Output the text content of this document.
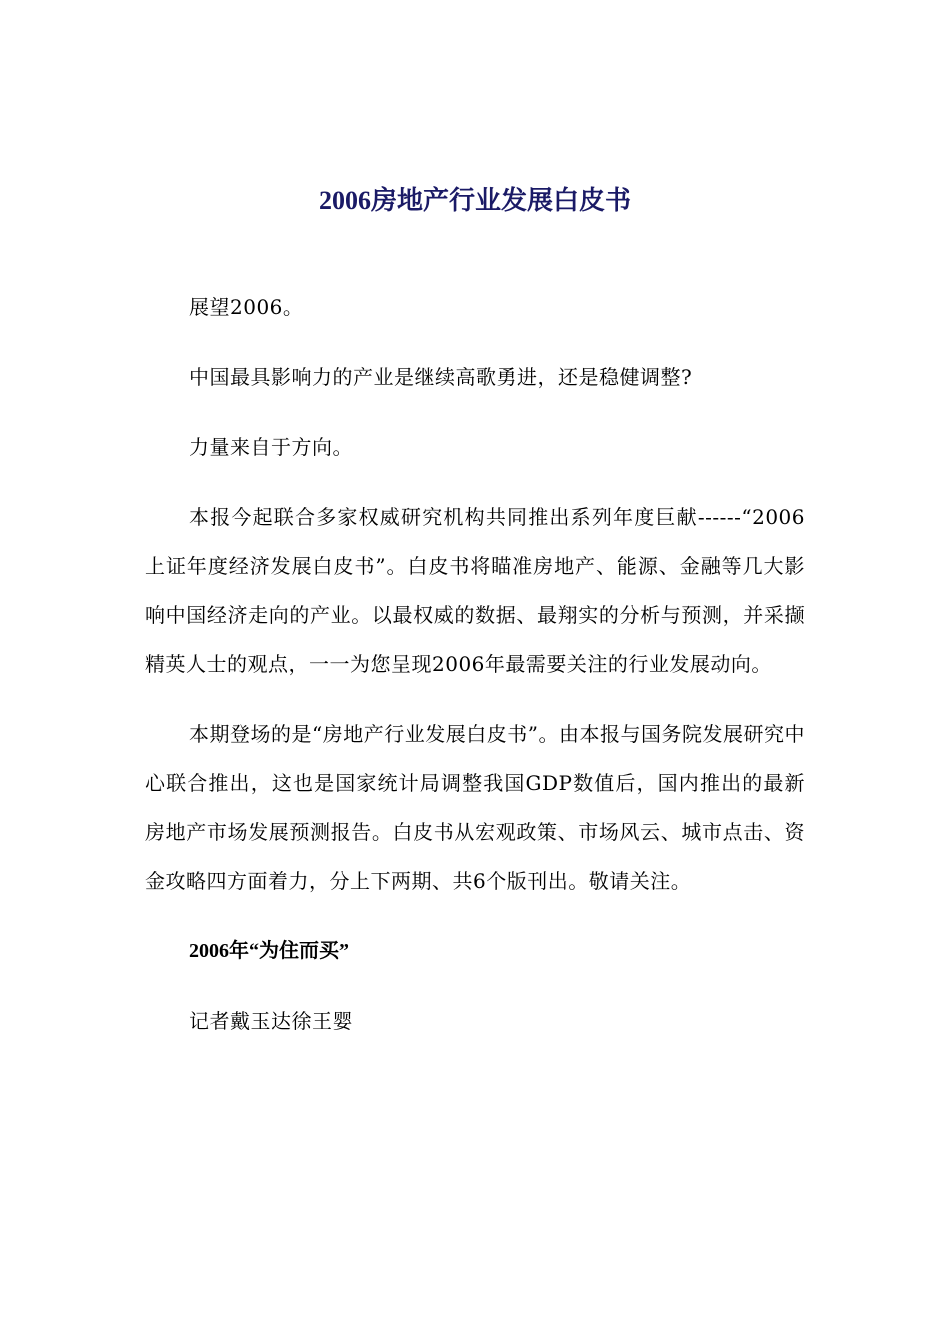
2006房地产行业发展白皮书

展望2006。

中国最具影响力的产业是继续高歌勇进，还是稳健调整?

力量来自于方向。

本报今起联合多家权威研究机构共同推出系列年度巨献------“2006上证年度经济发展白皮书”。白皮书将瞄准房地产、能源、金融等几大影响中国经济走向的产业。以最权威的数据、最翔实的分析与预测，并采撷精英人士的观点，一一为您呈现2006年最需要关注的行业发展动向。

本期登场的是“房地产行业发展白皮书”。由本报与国务院发展研究中心联合推出，这也是国家统计局调整我国GDP数值后，国内推出的最新房地产市场发展预测报告。白皮书从宏观政策、市场风云、城市点击、资金攻略四方面着力，分上下两期、共6个版刊出。敬请关注。

2006年“为住而买”

记者戴玉达徐王婴
